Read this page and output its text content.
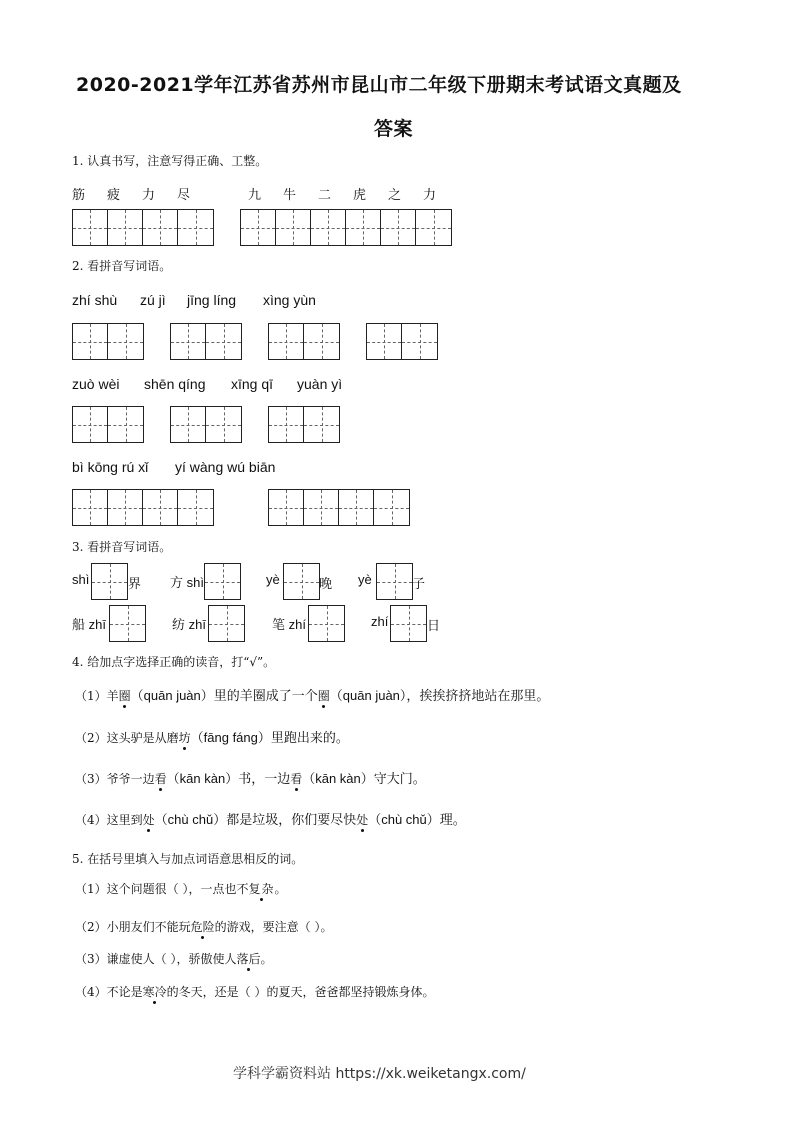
2020-2021学年江苏省苏州市昆山市二年级下册期末考试语文真题及
答案
1. 认真书写，注意写得正确、工整。
筋	疲	力	尽	九	牛	二	虎	之	力
2. 看拼音写词语。
zhí shù zú jì jīng líng xìng yùn
zuò wèi shēn qíng xīng qī yuàn yì
bì kōng rú xǐ yí wàng wú biān
3. 看拼音写词语。
shì	界 方 shì	yè	晚 yè	子
船 zhī	纺 zhī	笔 zhí	zhí	日
4. 给加点字选择正确的读音，打“√”。
（1）羊圈（quān juàn）里的羊圈成了一个圈（quān juàn），挨挨挤挤地站在那里。
（2）这头驴是从磨坊（fāng fáng）里跑出来的。
（3）爷爷一边看（kān kàn）书，一边看（kān kàn）守大门。
（4）这里到处（chù chǔ）都是垃圾，你们要尽快处（chù chǔ）理。
5. 在括号里填入与加点词语意思相反的词。
（1）这个问题很（ ），一点也不复杂。
（2）小朋友们不能玩危险的游戏，要注意（ ）。
（3）谦虚使人（ ），骄傲使人落后。
（4）不论是寒冷的冬天，还是（ ）的夏天，爸爸都坚持锻炼身体。
学科学霸资料站 https://xk.weiketangx.com/
